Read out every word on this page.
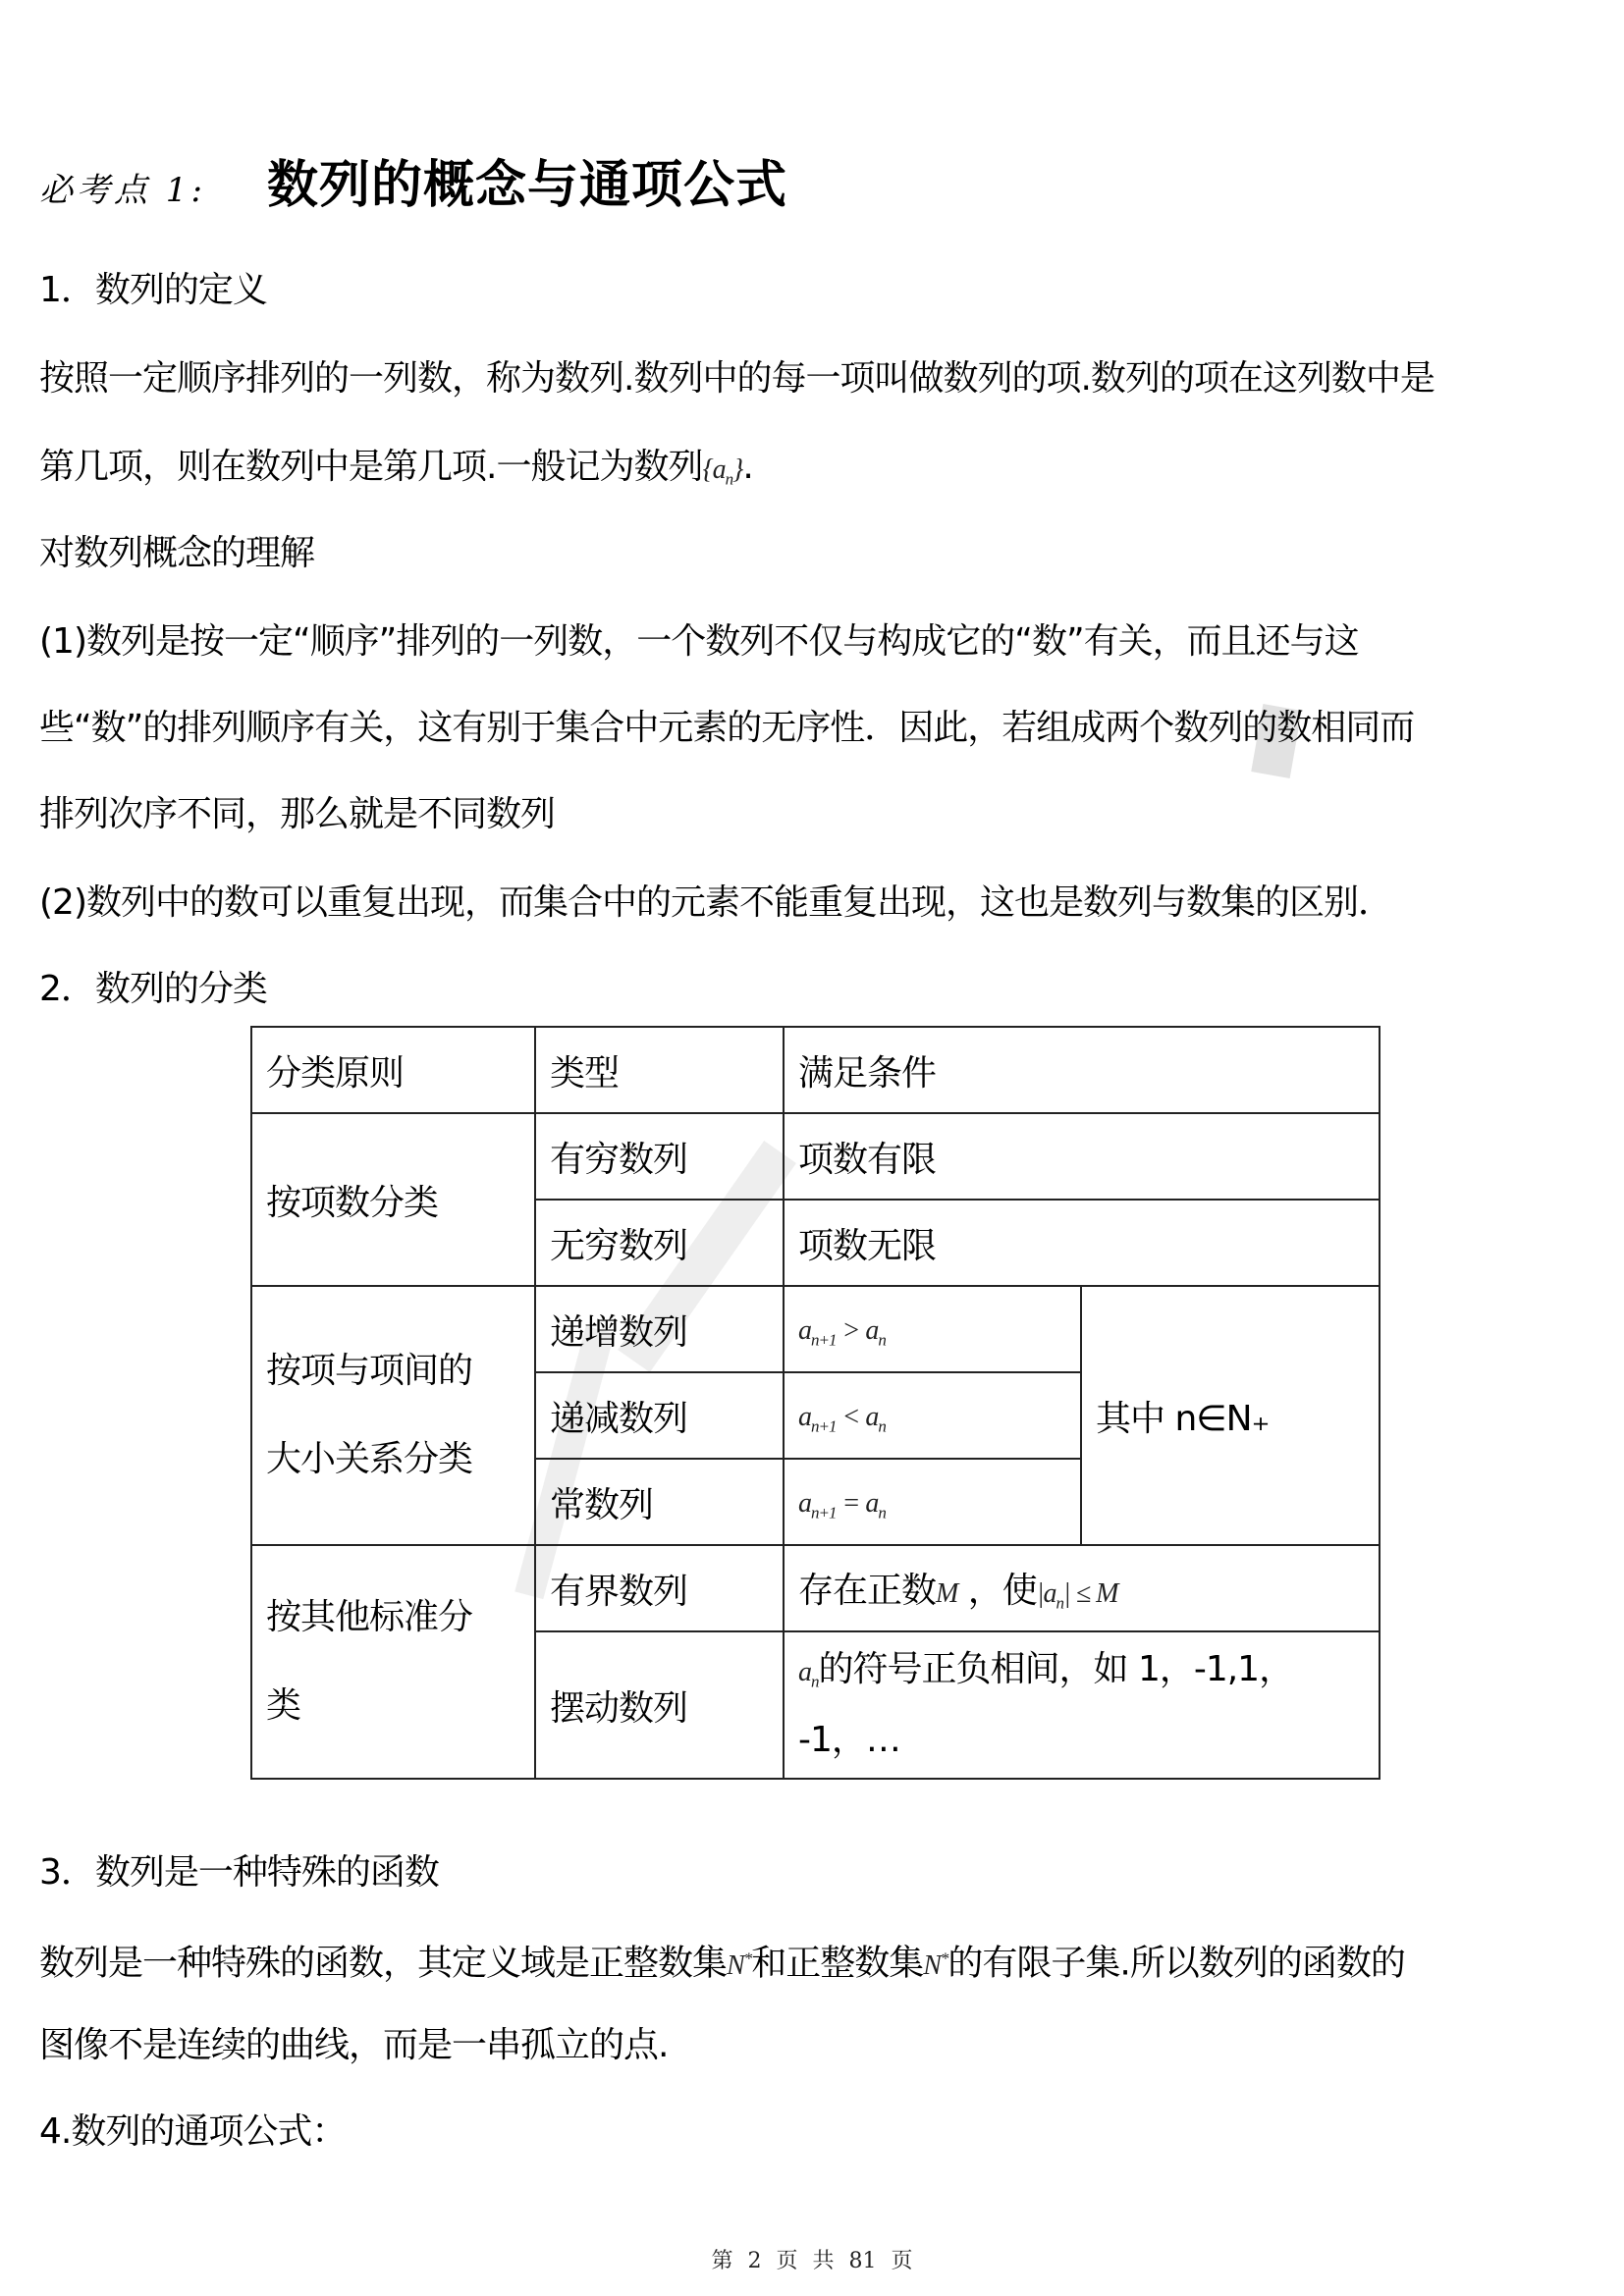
必考点 1: 数列的概念与通项公式
1．数列的定义
按照一定顺序排列的一列数，称为数列.数列中的每一项叫做数列的项.数列的项在这列数中是
第几项，则在数列中是第几项.一般记为数列$\{a_n\}$.
对数列概念的理解
(1)数列是按一定“顺序”排列的一列数，一个数列不仅与构成它的“数”有关，而且还与这
些“数”的排列顺序有关，这有别于集合中元素的无序性．因此，若组成两个数列的数相同而
排列次序不同，那么就是不同数列
(2)数列中的数可以重复出现，而集合中的元素不能重复出现，这也是数列与数集的区别．
2．数列的分类
分类原则	类型	满足条件	
按项数分类	有穷数列	项数有限	
	无穷数列	项数无限	

按项与项间的
大小关系分类	递增数列	$a_{n+1} > a_n$	其中 n∈N₊
	递减数列	$a_{n+1} < a_n$
	常数列	$a_{n+1} = a_n$

按其他标准分
类	有界数列	存在正数M ，使$|a_n| \le M$	
	摆动数列	$a_n$的符号正负相间，如 1，-1,1，
-1，…	
3．数列是一种特殊的函数
数列是一种特殊的函数，其定义域是正整数集N*和正整数集N*的有限子集.所以数列的函数的
图像不是连续的曲线，而是一串孤立的点.
4.数列的通项公式：
第 2 页 共 81 页
